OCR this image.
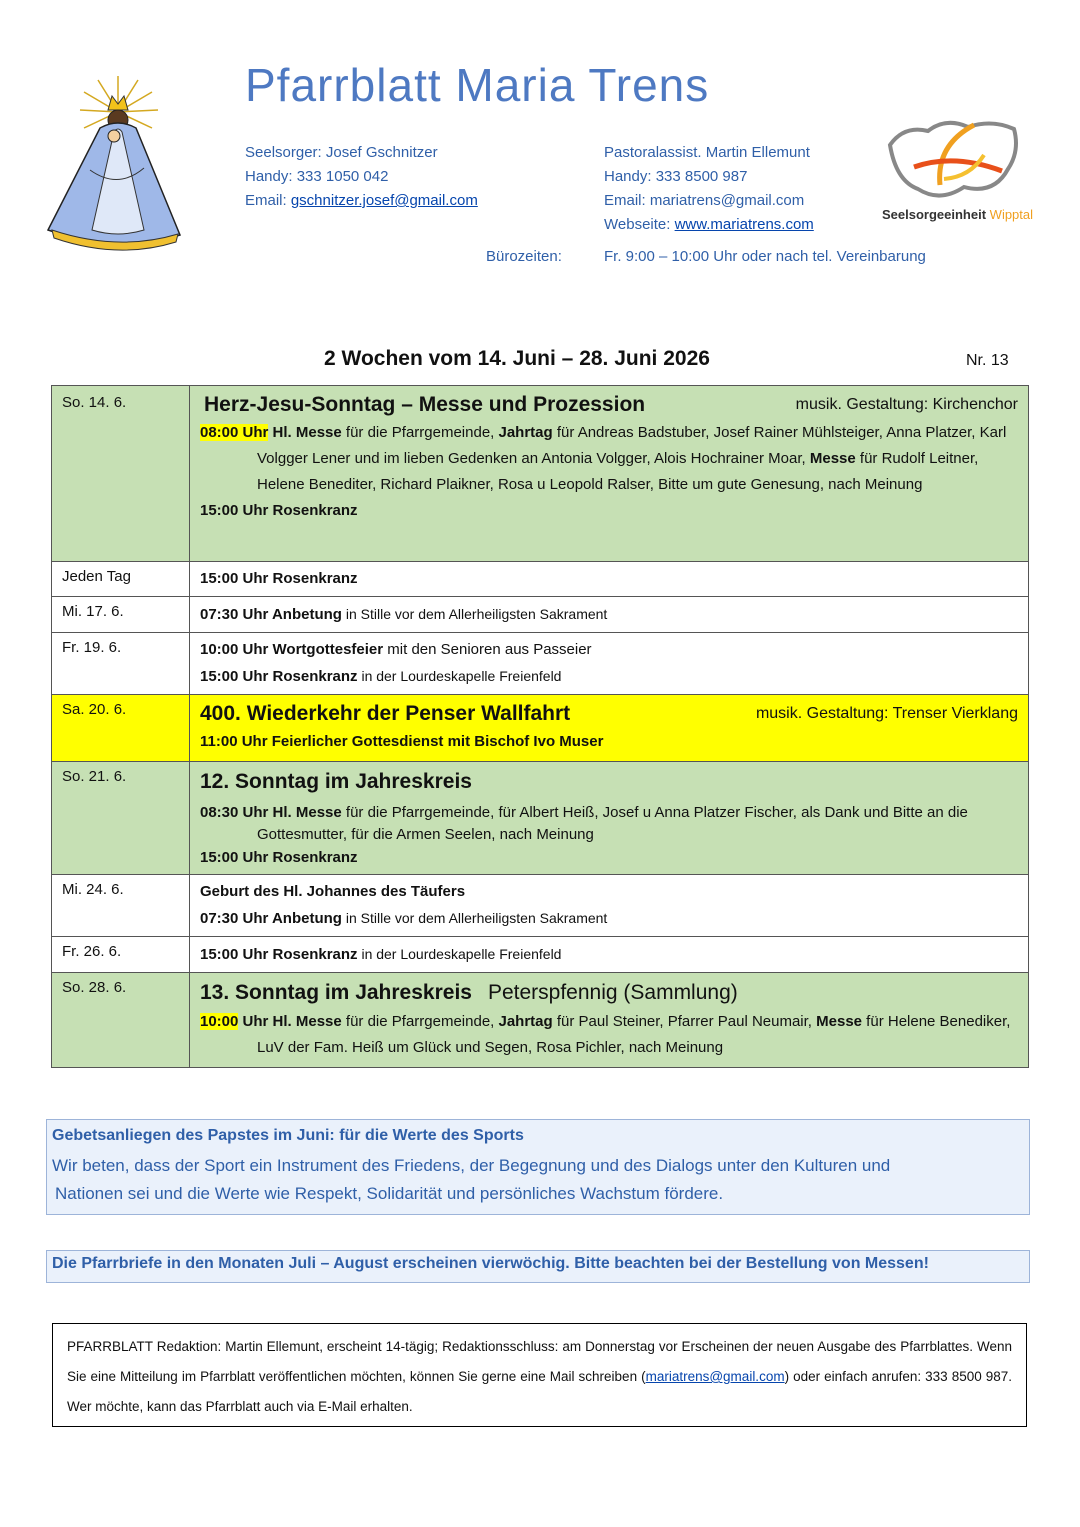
Pfarrblatt Maria Trens
Seelsorger: Josef Gschnitzer
Handy: 333 1050 042
Email: gschnitzer.josef@gmail.com
Pastoralassist. Martin Ellemunt
Handy: 333 8500 987
Email: mariatrens@gmail.com
Webseite: www.mariatrens.com
Seelsorgeeinheit Wipptal
Bürozeiten:	Fr. 9:00 – 10:00 Uhr oder nach tel. Vereinbarung
2 Wochen vom 14. Juni – 28. Juni 2026	Nr. 13
So. 14. 6.	Herz-Jesu-Sonntag – Messe und Prozession musik. Gestaltung: Kirchenchor
08:00 Uhr Hl. Messe für die Pfarrgemeinde, Jahrtag für Andreas Badstuber, Josef Rainer Mühlsteiger, Anna Platzer, Karl Volgger Lener und im lieben Gedenken an Antonia Volgger, Alois Hochrainer Moar, Messe für Rudolf Leitner, Helene Benediter, Richard Plaikner, Rosa u Leopold Ralser, Bitte um gute Genesung, nach Meinung
15:00 Uhr Rosenkranz

Jeden Tag	15:00 Uhr Rosenkranz

Mi. 17. 6.	07:30 Uhr Anbetung in Stille vor dem Allerheiligsten Sakrament

Fr. 19. 6.	10:00 Uhr Wortgottesfeier mit den Senioren aus Passeier
15:00 Uhr Rosenkranz in der Lourdeskapelle Freienfeld

Sa. 20. 6.	400. Wiederkehr der Penser Wallfahrt musik. Gestaltung: Trenser Vierklang
11:00 Uhr Feierlicher Gottesdienst mit Bischof Ivo Muser

So. 21. 6.	12. Sonntag im Jahreskreis
08:30 Uhr Hl. Messe für die Pfarrgemeinde, für Albert Heiß, Josef u Anna Platzer Fischer, als Dank und Bitte an die Gottesmutter, für die Armen Seelen, nach Meinung
15:00 Uhr Rosenkranz

Mi. 24. 6.	Geburt des Hl. Johannes des Täufers
07:30 Uhr Anbetung in Stille vor dem Allerheiligsten Sakrament

Fr. 26. 6.	15:00 Uhr Rosenkranz in der Lourdeskapelle Freienfeld

So. 28. 6.	13. Sonntag im Jahreskreis Peterspfennig (Sammlung)
10:00 Uhr Hl. Messe für die Pfarrgemeinde, Jahrtag für Paul Steiner, Pfarrer Paul Neumair, Messe für Helene Benediker, LuV der Fam. Heiß um Glück und Segen, Rosa Pichler, nach Meinung
Gebetsanliegen des Papstes im Juni: für die Werte des Sports
Wir beten, dass der Sport ein Instrument des Friedens, der Begegnung und des Dialogs unter den Kulturen und
Nationen sei und die Werte wie Respekt, Solidarität und persönliches Wachstum fördere.
Die Pfarrbriefe in den Monaten Juli – August erscheinen vierwöchig. Bitte beachten bei der Bestellung von Messen!
PFARRBLATT Redaktion: Martin Ellemunt, erscheint 14-tägig; Redaktionsschluss: am Donnerstag vor Erscheinen der neuen Ausgabe des Pfarrblattes. Wenn Sie eine Mitteilung im Pfarrblatt veröffentlichen möchten, können Sie gerne eine Mail schreiben (mariatrens@gmail.com) oder einfach anrufen: 333 8500 987. Wer möchte, kann das Pfarrblatt auch via E-Mail erhalten.
